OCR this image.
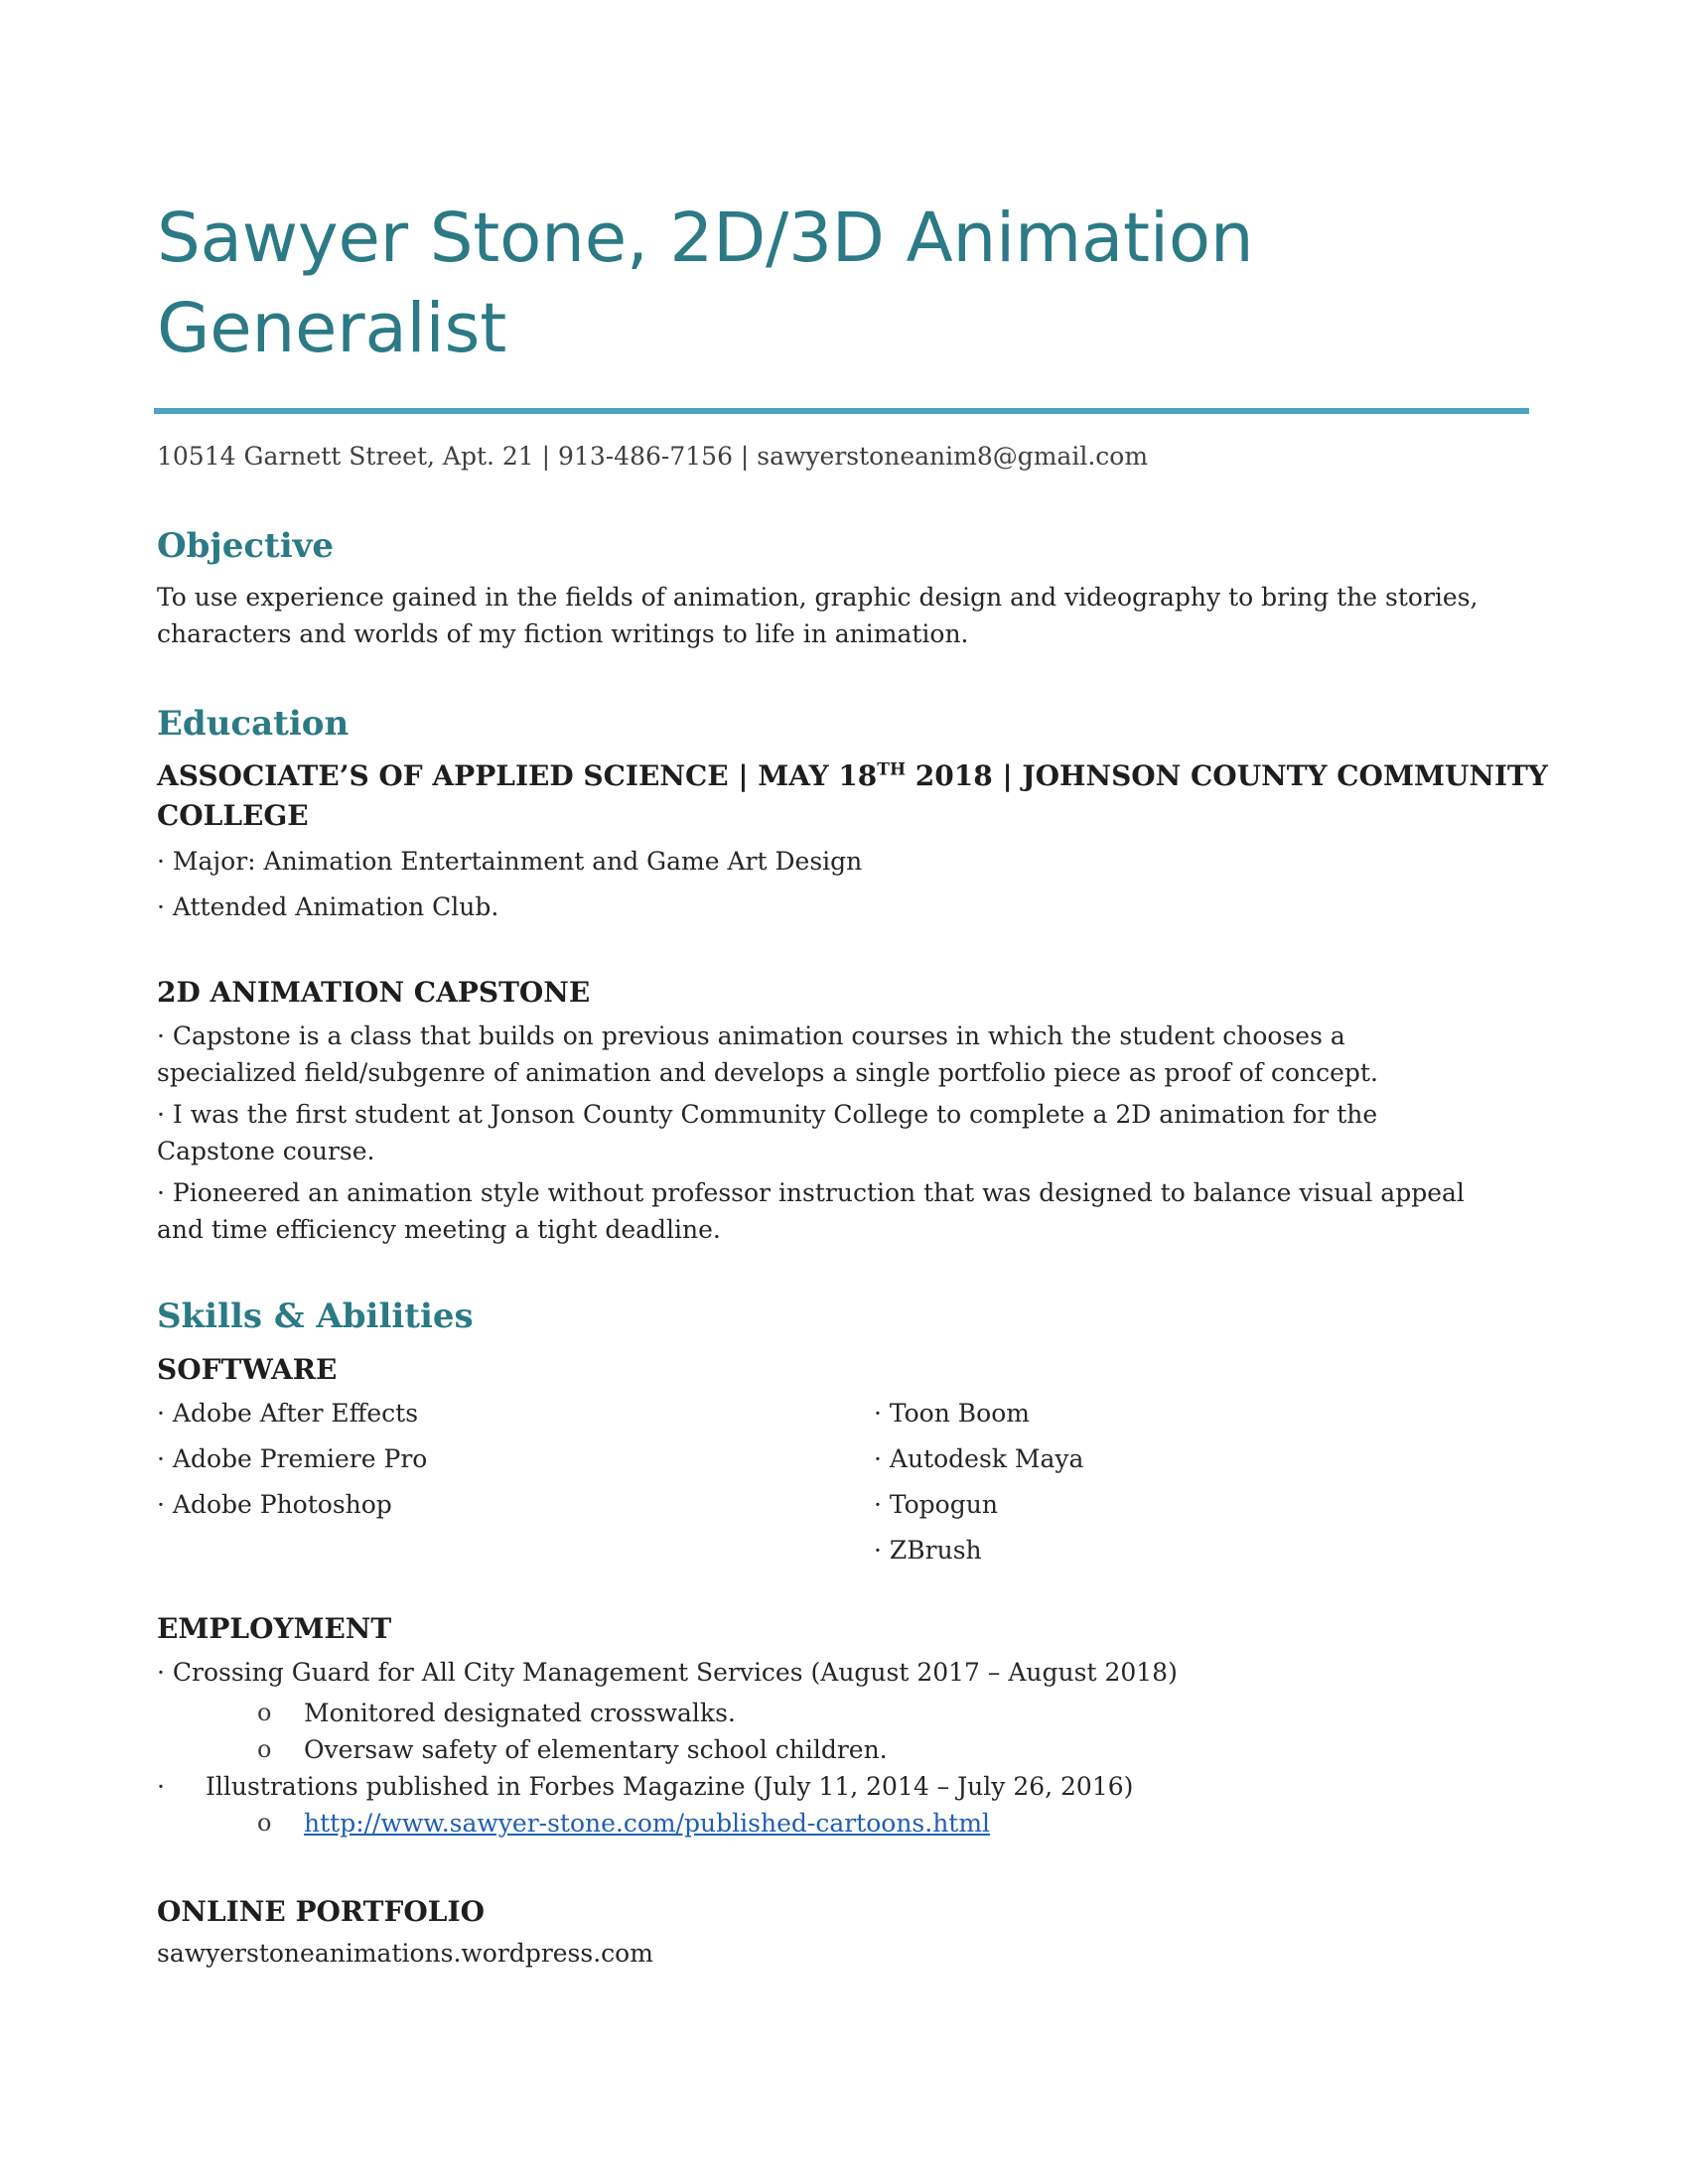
Sawyer Stone, 2D/3D Animation
Generalist
10514 Garnett Street, Apt. 21 | 913-486-7156 | sawyerstoneanim8@gmail.com
Objective
To use experience gained in the fields of animation, graphic design and videography to bring the stories,
characters and worlds of my fiction writings to life in animation.
Education
ASSOCIATE’S OF APPLIED SCIENCE | MAY 18TH 2018 | JOHNSON COUNTY COMMUNITY
COLLEGE
· Major: Animation Entertainment and Game Art Design
· Attended Animation Club.
2D ANIMATION CAPSTONE
· Capstone is a class that builds on previous animation courses in which the student chooses a
specialized field/subgenre of animation and develops a single portfolio piece as proof of concept.
· I was the first student at Jonson County Community College to complete a 2D animation for the
Capstone course.
· Pioneered an animation style without professor instruction that was designed to balance visual appeal
and time efficiency meeting a tight deadline.
Skills & Abilities
SOFTWARE
· Adobe After Effects
· Adobe Premiere Pro
· Adobe Photoshop
· Toon Boom
· Autodesk Maya
· Topogun
· ZBrush
EMPLOYMENT
· Crossing Guard for All City Management Services (August 2017 – August 2018)
o Monitored designated crosswalks.
o Oversaw safety of elementary school children.
· Illustrations published in Forbes Magazine (July 11, 2014 – July 26, 2016)
o http://www.sawyer-stone.com/published-cartoons.html
ONLINE PORTFOLIO
sawyerstoneanimations.wordpress.com
